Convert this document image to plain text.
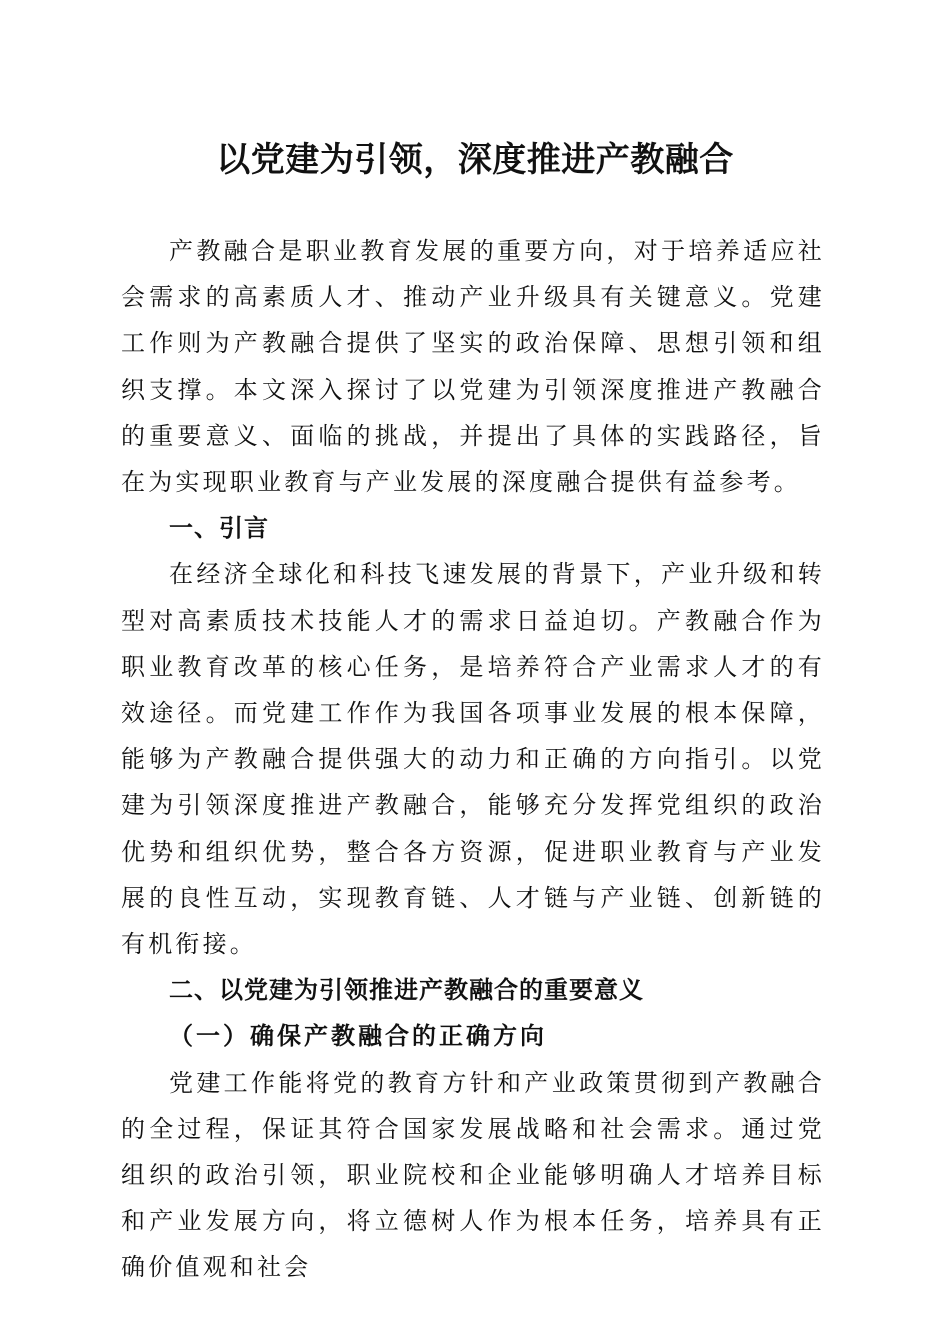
以党建为引领，深度推进产教融合

产教融合是职业教育发展的重要方向，对于培养适应社会需求的高素质人才、推动产业升级具有关键意义。党建工作则为产教融合提供了坚实的政治保障、思想引领和组织支撑。本文深入探讨了以党建为引领深度推进产教融合的重要意义、面临的挑战，并提出了具体的实践路径，旨在为实现职业教育与产业发展的深度融合提供有益参考。

一、引言

在经济全球化和科技飞速发展的背景下，产业升级和转型对高素质技术技能人才的需求日益迫切。产教融合作为职业教育改革的核心任务，是培养符合产业需求人才的有效途径。而党建工作作为我国各项事业发展的根本保障，能够为产教融合提供强大的动力和正确的方向指引。以党建为引领深度推进产教融合，能够充分发挥党组织的政治优势和组织优势，整合各方资源，促进职业教育与产业发展的良性互动，实现教育链、人才链与产业链、创新链的有机衔接。

二、以党建为引领推进产教融合的重要意义

（一）确保产教融合的正确方向

党建工作能将党的教育方针和产业政策贯彻到产教融合的全过程，保证其符合国家发展战略和社会需求。通过党组织的政治引领，职业院校和企业能够明确人才培养目标和产业发展方向，将立德树人作为根本任务，培养具有正确价值观和社会
